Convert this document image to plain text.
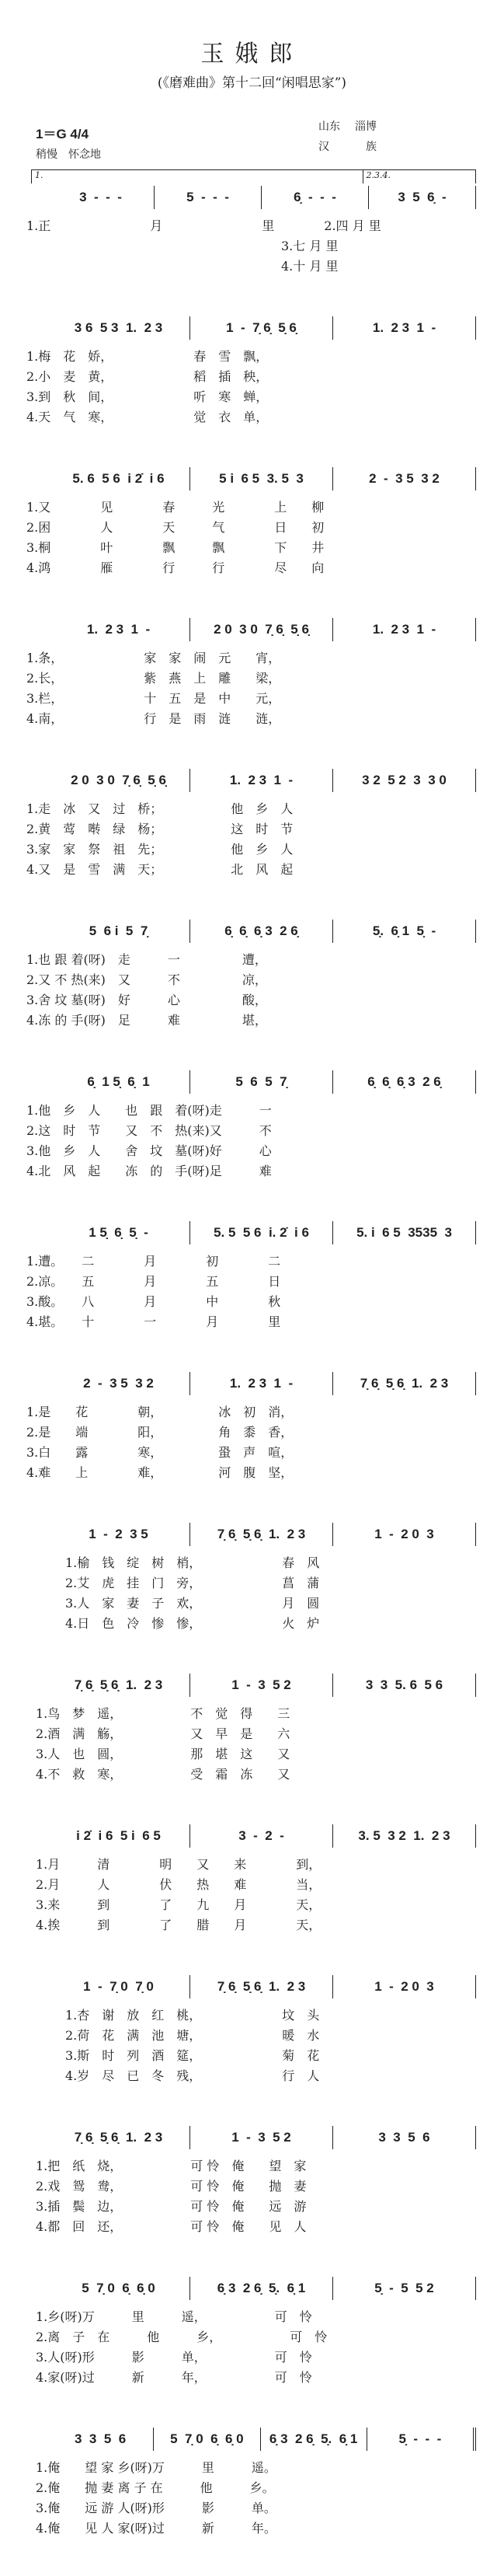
玉娥郎
(《磨难曲》第十二回“闲唱思家”)
1＝G 4/4
稍慢　怀念地
山东 淄博
汉	族
1.	2.3.4.
3  -  -  -	5  -  -  -	6̣  -  -  -	3  5  6̣  -
1.正　　　　　　　　月　　　　　　　　里　　　　2.四 月 里
3.七 月 里
4.十 月 里
3 6  5 3  1.  2 3	1  -  7̣ 6̣  5̣ 6̣	1.  2 3  1  -
1.梅　花　娇，　　　　　　　春　雪　飘，
2.小　麦　黄，　　　　　　　稻　插　秧，
3.到　秋　间，　　　　　　　听　寒　蝉，
4.天　气　寒，　　　　　　　觉　衣　单，
5. 6  5 6  i 2̇  i 6	5 i  6 5  3. 5  3	2  -  3 5  3 2
1.又　　　　见　　　　春　　　光　　　　上　　柳
2.困　　　　人　　　　天　　　气　　　　日　　初
3.桐　　　　叶　　　　飘　　　飘　　　　下　　井
4.鸿　　　　雁　　　　行　　　行　　　　尽　　向
1.  2 3  1  -	2 0  3 0  7̣ 6̣  5̣ 6̣	1.  2 3  1  -
1.条，　　　　　　　家　家　闹　元　　宵，
2.长，　　　　　　　紫　燕　上　雕　　梁，
3.栏，　　　　　　　十　五　是　中　　元，
4.南，　　　　　　　行　是　雨　涟　　涟，
2 0  3 0  7̣ 6̣  5̣ 6̣	1.  2 3  1  -	3 2  5 2  3  3 0
1.走　冰　又　过　桥；　　　　　　他　乡　人
2.黄　莺　啭　绿　杨；　　　　　　这　时　节
3.家　家　祭　祖　先；　　　　　　他　乡　人
4.又　是　雪　满　天；　　　　　　北　风　起
5  6 i  5  7̣	6̣  6̣  6̣ 3  2 6̣	5̣.  6̣ 1  5̣  -
1.也 跟 着(呀)　走　　　一　　　　　遭，
2.又 不 热(来)　又　　　不　　　　　凉，
3.舍 坟 墓(呀)　好　　　心　　　　　酸，
4.冻 的 手(呀)　足　　　难　　　　　堪，
6̣  1 5̣  6̣  1	5  6  5  7̣	6̣  6̣  6̣ 3  2 6̣
1.他　乡　人　　也　跟　着(呀)走　　　一
2.这　时　节　　又　不　热(来)又　　　不
3.他　乡　人　　舍　坟　墓(呀)好　　　心
4.北　风　起　　冻　的　手(呀)足　　　难
1 5̣  6̣  5̣  -	5. 5  5 6  i. 2̇  i 6	5. i  6 5  3535  3
1.遭。　　二　　　　月　　　　初　　　　二
2.凉。　　五　　　　月　　　　五　　　　日
3.酸。　　八　　　　月　　　　中　　　　秋
4.堪。　　十　　　　一　　　　月　　　　里
2  -  3 5  3 2	1.  2 3  1  -	7̣ 6̣  5̣ 6̣  1.  2 3
1.是　　花　　　　朝，　　　　　冰　初　消，
2.是　　端　　　　阳，　　　　　角　黍　香，
3.白　　露　　　　寒，　　　　　蛩　声　喧，
4.难　　上　　　　难，　　　　　河　腹　坚，
1  -  2  3 5	7̣ 6̣  5̣ 6̣  1.  2 3	1  -  2 0  3
1.榆　钱　绽　树　梢，　　　　　　　春　风
2.艾　虎　挂　门　旁，　　　　　　　菖　蒲
3.人　家　妻　子　欢，　　　　　　　月　圆
4.日　色　冷　惨　惨，　　　　　　　火　炉
7̣ 6̣  5̣ 6̣  1.  2 3	1  -  3  5 2	3  3  5. 6  5 6
1.鸟　梦　遥，　　　　　　不　觉　得　　三
2.酒　满　觞，　　　　　　又　早　是　　六
3.人　也　圆，　　　　　　那　堪　这　　又
4.不　救　寒，　　　　　　受　霜　冻　　又
i 2̇  i 6  5 i  6 5	3  -  2  -	3. 5  3 2  1.  2 3
1.月　　　清　　　　明　　又　　来　　　　到，
2.月　　　人　　　　伏　　热　　难　　　　当，
3.来　　　到　　　　了　　九　　月　　　　天，
4.挨　　　到　　　　了　　腊　　月　　　　天，
1  -  7̣ 0  7̣ 0	7̣ 6̣  5̣ 6̣  1.  2 3	1  -  2 0  3
1.杏　谢　放　红　桃，　　　　　　　坟　头
2.荷　花　满　池　塘，　　　　　　　暖　水
3.斯　时　列　酒　筵，　　　　　　　菊　花
4.岁　尽　已　冬　残，　　　　　　　行　人
7̣ 6̣  5̣ 6̣  1.  2 3	1  -  3  5 2	3  3  5  6
1.把　纸　烧，　　　　　　可 怜　俺　　望　家
2.戏　鸳　鸯，　　　　　　可 怜　俺　　抛　妻
3.插　鬓　边，　　　　　　可 怜　俺　　远　游
4.都　回　还，　　　　　　可 怜　俺　　见　人
5  7̣ 0  6̣  6̣ 0	6̣ 3  2 6̣  5̣.  6̣ 1	5̣  -  5  5 2
1.乡(呀)万　　　里　　　遥，　　　　　　可　怜
2.离　子　在　　　他　　　乡，　　　　　　可　怜
3.人(呀)形　　　影　　　单，　　　　　　可　怜
4.家(呀)过　　　新　　　年，　　　　　　可　怜
3  3  5  6	5  7̣ 0  6̣  6̣ 0	6̣ 3  2 6̣  5̣.  6̣ 1	5̣  -  -  -
1.俺　　望 家 乡(呀)万　　　里　　　遥。
2.俺　　抛 妻 离 子 在　　　他　　　乡。
3.俺　　远 游 人(呀)形　　　影　　　单。
4.俺　　见 人 家(呀)过　　　新　　　年。
